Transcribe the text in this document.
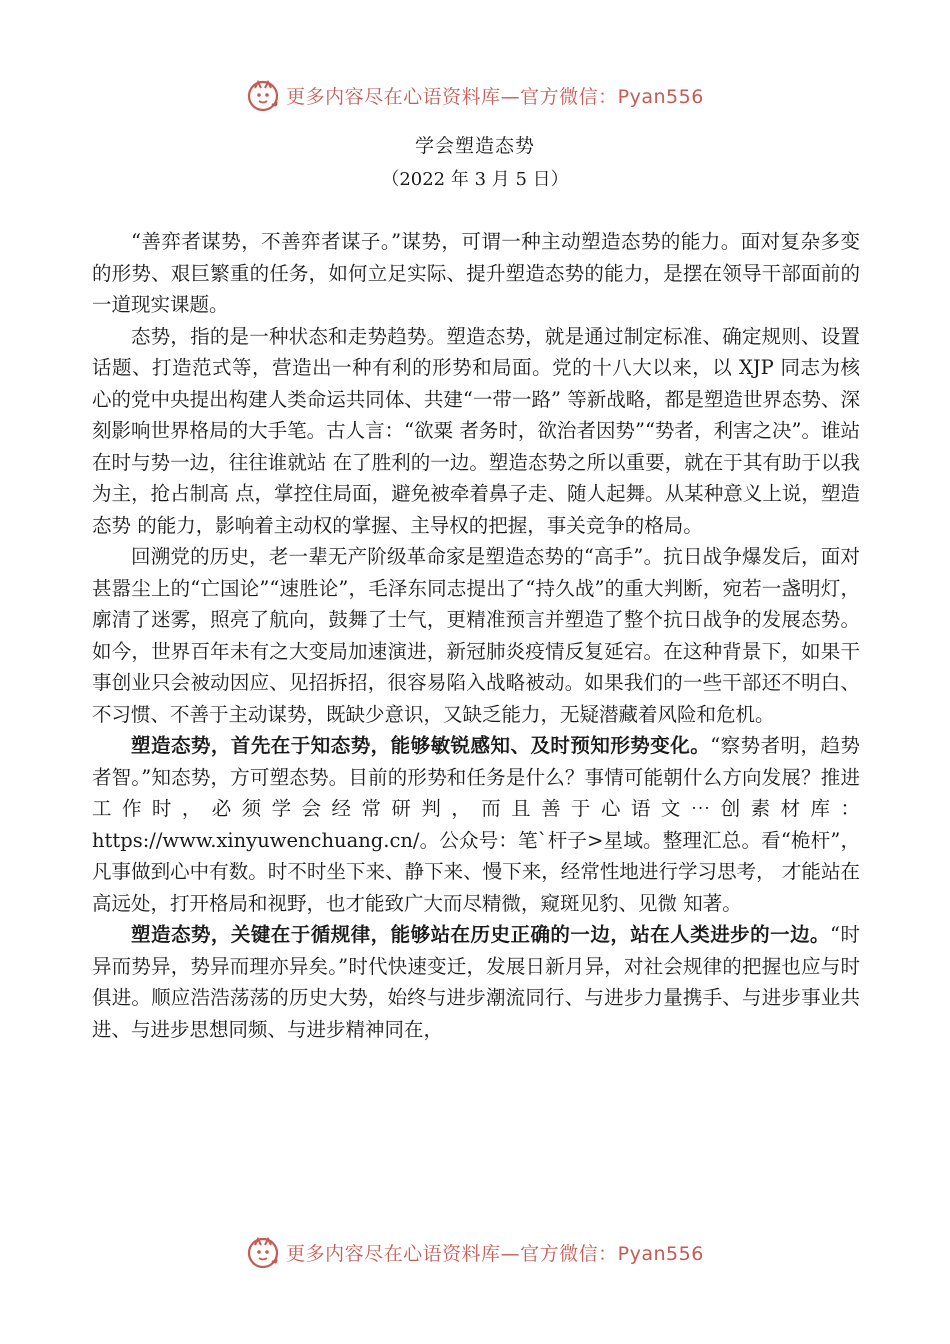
更多内容尽在心语资料库—官方微信：Pyan556
学会塑造态势
（2022 年 3 月 5 日）

“善弈者谋势，不善弈者谋子。”谋势，可谓一种主动塑造态势的能力。面对复杂多变的形势、艰巨繁重的任务，如何立足实际、提升塑造态势的能力，是摆在领导干部面前的一道现实课题。

态势，指的是一种状态和走势趋势。塑造态势，就是通过制定标准、确定规则、设置话题、打造范式等，营造出一种有利的形势和局面。党的十八大以来，以 XJP 同志为核心的党中央提出构建人类命运共同体、共建“一带一路” 等新战略，都是塑造世界态势、深刻影响世界格局的大手笔。古人言：“欲粟 者务时，欲治者因势”“势者，利害之决”。谁站在时与势一边，往往谁就站 在了胜利的一边。塑造态势之所以重要，就在于其有助于以我为主，抢占制高 点，掌控住局面，避免被牵着鼻子走、随人起舞。从某种意义上说，塑造态势 的能力，影响着主动权的掌握、主导权的把握，事关竞争的格局。

回溯党的历史，老一辈无产阶级革命家是塑造态势的“高手”。抗日战争爆发后，面对甚嚣尘上的“亡国论”“速胜论”，毛泽东同志提出了“持久战”的重大判断，宛若一盏明灯，廓清了迷雾，照亮了航向，鼓舞了士气，更精准预言并塑造了整个抗日战争的发展态势。如今，世界百年未有之大变局加速演进，新冠肺炎疫情反复延宕。在这种背景下，如果干事创业只会被动因应、见招拆招，很容易陷入战略被动。如果我们的一些干部还不明白、不习惯、不善于主动谋势，既缺少意识，又缺乏能力，无疑潜藏着风险和危机。

塑造态势，首先在于知态势，能够敏锐感知、及时预知形势变化。“察势者明，趋势者智。”知态势，方可塑态势。目前的形势和任务是什么？事情可能朝什么方向发展？推进工作时，必须学会经常研判，而且善于心语文⋯创素材库：https://www.xinyuwenchuang.cn/。公众号：笔`杆子>星域。整理汇总。看“桅杆”， 凡事做到心中有数。时不时坐下来、静下来、慢下来，经常性地进行学习思考， 才能站在高远处，打开格局和视野，也才能致广大而尽精微，窥斑见豹、见微 知著。

塑造态势，关键在于循规律，能够站在历史正确的一边，站在人类进步的一边。“时异而势异，势异而理亦异矣。”时代快速变迁，发展日新月异，对社会规律的把握也应与时俱进。顺应浩浩荡荡的历史大势，始终与进步潮流同行、与进步力量携手、与进步事业共进、与进步思想同频、与进步精神同在，

更多内容尽在心语资料库—官方微信：Pyan556
